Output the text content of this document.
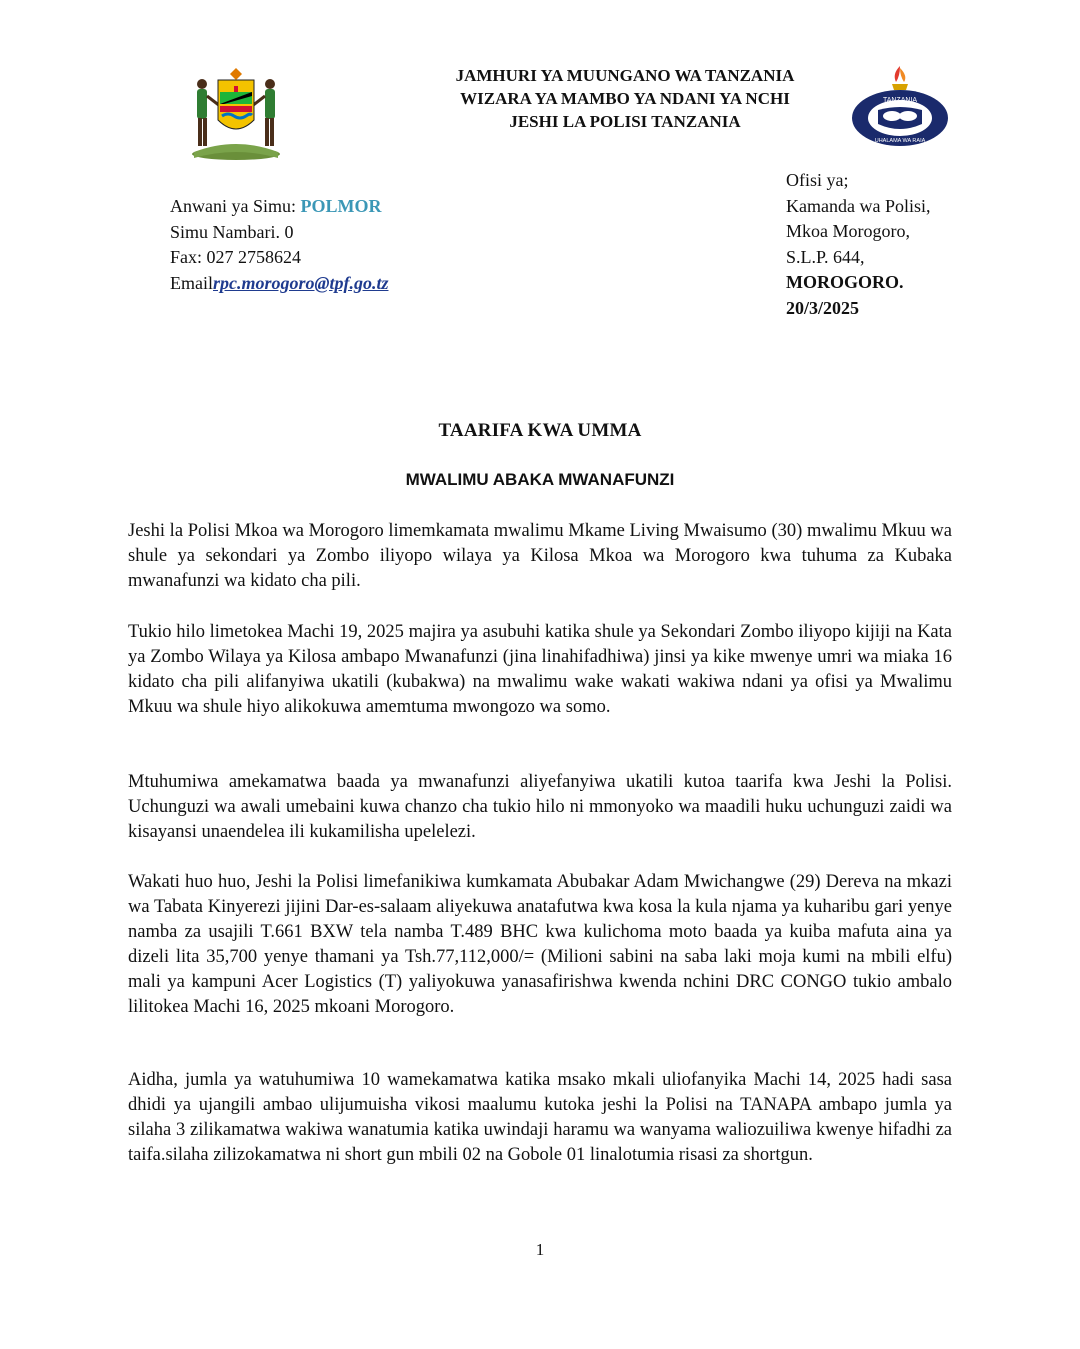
JAMHURI YA MUUNGANO WA TANZANIA
WIZARA YA MAMBO YA NDANI YA NCHI
JESHI LA POLISI TANZANIA
TANZANIA
UHALAMA WA RAIA
Anwani ya Simu: POLMOR
Simu Nambari. 0
Fax: 027 2758624
Emailrpc.morogoro@tpf.go.tz
Ofisi ya;
Kamanda wa Polisi,
Mkoa Morogoro,
S.L.P. 644,
MOROGORO.
20/3/2025
TAARIFA KWA UMMA
MWALIMU ABAKA MWANAFUNZI
Jeshi la Polisi Mkoa wa Morogoro limemkamata mwalimu Mkame Living Mwaisumo (30) mwalimu Mkuu wa shule ya sekondari ya Zombo iliyopo wilaya ya Kilosa Mkoa wa Morogoro kwa tuhuma za Kubaka mwanafunzi wa kidato cha pili.
Tukio hilo limetokea Machi 19, 2025 majira ya asubuhi katika shule ya Sekondari Zombo iliyopo kijiji na Kata ya Zombo Wilaya ya Kilosa ambapo Mwanafunzi (jina linahifadhiwa) jinsi ya kike mwenye umri wa miaka 16 kidato cha pili alifanyiwa ukatili (kubakwa) na mwalimu wake wakati wakiwa ndani ya ofisi ya Mwalimu Mkuu wa shule hiyo alikokuwa amemtuma mwongozo wa somo.
Mtuhumiwa amekamatwa baada ya mwanafunzi aliyefanyiwa ukatili kutoa taarifa kwa Jeshi la Polisi. Uchunguzi wa awali umebaini kuwa chanzo cha tukio hilo ni mmonyoko wa maadili huku uchunguzi zaidi wa kisayansi unaendelea ili kukamilisha upelelezi.
Wakati huo huo, Jeshi la Polisi limefanikiwa kumkamata Abubakar Adam Mwichangwe (29) Dereva na mkazi wa Tabata Kinyerezi jijini Dar-es-salaam aliyekuwa anatafutwa kwa kosa la kula njama ya kuharibu gari yenye namba za usajili T.661 BXW tela namba T.489 BHC kwa kulichoma moto baada ya kuiba mafuta aina ya dizeli lita 35,700 yenye thamani ya Tsh.77,112,000/= (Milioni sabini na saba laki moja kumi na mbili elfu) mali ya kampuni Acer Logistics (T) yaliyokuwa yanasafirishwa kwenda nchini DRC CONGO tukio ambalo lilitokea Machi 16, 2025 mkoani Morogoro.
Aidha, jumla ya watuhumiwa 10 wamekamatwa katika msako mkali uliofanyika Machi 14, 2025 hadi sasa dhidi ya ujangili ambao ulijumuisha vikosi maalumu kutoka jeshi la Polisi na TANAPA ambapo jumla ya silaha 3 zilikamatwa wakiwa wanatumia katika uwindaji haramu wa wanyama waliozuiliwa kwenye hifadhi za taifa.silaha zilizokamatwa ni short gun mbili 02 na Gobole 01 linalotumia risasi za shortgun.
1
